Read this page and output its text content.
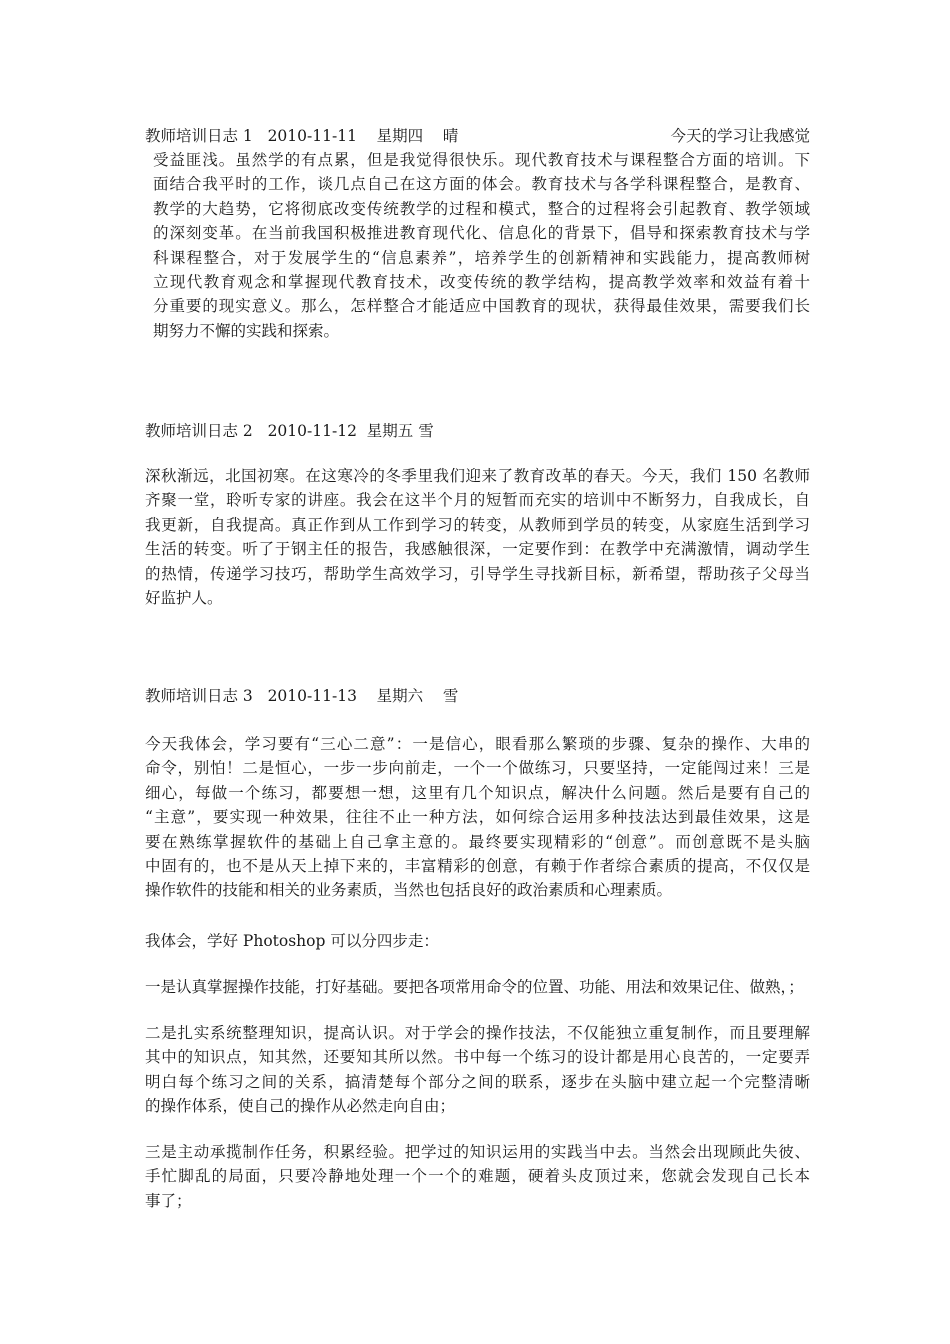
教师培训日志 1   2010-11-11    星期四    晴	今天的学习让我感觉
受益匪浅。虽然学的有点累，但是我觉得很快乐。现代教育技术与课程整合方面的培训。下
面结合我平时的工作，谈几点自己在这方面的体会。教育技术与各学科课程整合，是教育、
教学的大趋势，它将彻底改变传统教学的过程和模式，整合的过程将会引起教育、教学领域
的深刻变革。在当前我国积极推进教育现代化、信息化的背景下，倡导和探索教育技术与学
科课程整合，对于发展学生的“信息素养”，培养学生的创新精神和实践能力，提高教师树
立现代教育观念和掌握现代教育技术，改变传统的教学结构，提高教学效率和效益有着十
分重要的现实意义。那么，怎样整合才能适应中国教育的现状，获得最佳效果，需要我们长
期努力不懈的实践和探索。
教师培训日志 2   2010-11-12  星期五 雪
深秋渐远，北国初寒。在这寒冷的冬季里我们迎来了教育改革的春天。今天，我们 150 名教师
齐聚一堂，聆听专家的讲座。我会在这半个月的短暂而充实的培训中不断努力，自我成长，自
我更新，自我提高。真正作到从工作到学习的转变，从教师到学员的转变，从家庭生活到学习
生活的转变。听了于钢主任的报告，我感触很深，一定要作到：在教学中充满激情，调动学生
的热情，传递学习技巧，帮助学生高效学习，引导学生寻找新目标，新希望，帮助孩子父母当
好监护人。
教师培训日志 3   2010-11-13    星期六    雪
今天我体会，学习要有“三心二意”：一是信心，眼看那么繁琐的步骤、复杂的操作、大串的
命令，别怕！二是恒心，一步一步向前走，一个一个做练习，只要坚持，一定能闯过来！三是
细心，每做一个练习，都要想一想，这里有几个知识点，解决什么问题。然后是要有自己的
“主意”，要实现一种效果，往往不止一种方法，如何综合运用多种技法达到最佳效果，这是
要在熟练掌握软件的基础上自己拿主意的。最终要实现精彩的“创意”。而创意既不是头脑
中固有的，也不是从天上掉下来的，丰富精彩的创意，有赖于作者综合素质的提高，不仅仅是
操作软件的技能和相关的业务素质，当然也包括良好的政治素质和心理素质。
我体会，学好 Photoshop 可以分四步走：
一是认真掌握操作技能，打好基础。要把各项常用命令的位置、功能、用法和效果记住、做熟，；
二是扎实系统整理知识，提高认识。对于学会的操作技法，不仅能独立重复制作，而且要理解
其中的知识点，知其然，还要知其所以然。书中每一个练习的设计都是用心良苦的，一定要弄
明白每个练习之间的关系，搞清楚每个部分之间的联系，逐步在头脑中建立起一个完整清晰
的操作体系，使自己的操作从必然走向自由；
三是主动承揽制作任务，积累经验。把学过的知识运用的实践当中去。当然会出现顾此失彼、
手忙脚乱的局面，只要冷静地处理一个一个的难题，硬着头皮顶过来，您就会发现自己长本
事了；
